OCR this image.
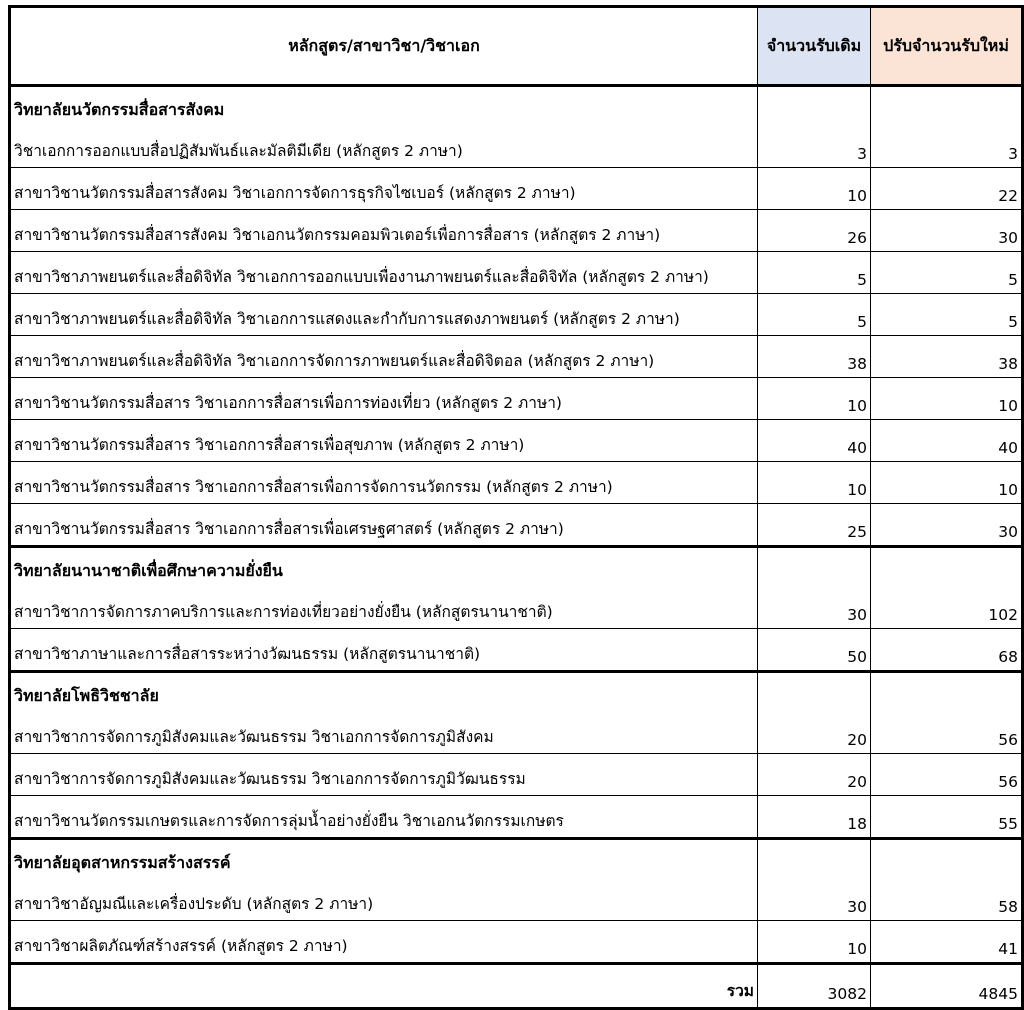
หลักสูตร/สาขาวิชา/วิชาเอก	จำนวนรับเดิม	ปรับจำนวนรับใหม่
วิทยาลัยนวัตกรรมสื่อสารสังคม		
วิชาเอกการออกแบบสื่อปฏิสัมพันธ์และมัลติมีเดีย (หลักสูตร 2 ภาษา)	3	3
สาขาวิชานวัตกรรมสื่อสารสังคม วิชาเอกการจัดการธุรกิจไซเบอร์ (หลักสูตร 2 ภาษา)	10	22
สาขาวิชานวัตกรรมสื่อสารสังคม วิชาเอกนวัตกรรมคอมพิวเตอร์เพื่อการสื่อสาร (หลักสูตร 2 ภาษา)	26	30
สาขาวิชาภาพยนตร์และสื่อดิจิทัล วิชาเอกการออกแบบเพื่องานภาพยนตร์และสื่อดิจิทัล (หลักสูตร 2 ภาษา)	5	5
สาขาวิชาภาพยนตร์และสื่อดิจิทัล วิชาเอกการแสดงและกำกับการแสดงภาพยนตร์ (หลักสูตร 2 ภาษา)	5	5
สาขาวิชาภาพยนตร์และสื่อดิจิทัล วิชาเอกการจัดการภาพยนตร์และสื่อดิจิตอล (หลักสูตร 2 ภาษา)	38	38
สาขาวิชานวัตกรรมสื่อสาร วิชาเอกการสื่อสารเพื่อการท่องเที่ยว (หลักสูตร 2 ภาษา)	10	10
สาขาวิชานวัตกรรมสื่อสาร วิชาเอกการสื่อสารเพื่อสุขภาพ (หลักสูตร 2 ภาษา)	40	40
สาขาวิชานวัตกรรมสื่อสาร วิชาเอกการสื่อสารเพื่อการจัดการนวัตกรรม (หลักสูตร 2 ภาษา)	10	10
สาขาวิชานวัตกรรมสื่อสาร วิชาเอกการสื่อสารเพื่อเศรษฐศาสตร์ (หลักสูตร 2 ภาษา)	25	30
วิทยาลัยนานาชาติเพื่อศึกษาความยั่งยืน		
สาขาวิชาการจัดการภาคบริการและการท่องเที่ยวอย่างยั่งยืน (หลักสูตรนานาชาติ)	30	102
สาขาวิชาภาษาและการสื่อสารระหว่างวัฒนธรรม (หลักสูตรนานาชาติ)	50	68
วิทยาลัยโพธิวิชชาลัย		
สาขาวิชาการจัดการภูมิสังคมและวัฒนธรรม วิชาเอกการจัดการภูมิสังคม	20	56
สาขาวิชาการจัดการภูมิสังคมและวัฒนธรรม วิชาเอกการจัดการภูมิวัฒนธรรม	20	56
สาขาวิชานวัตกรรมเกษตรและการจัดการลุ่มน้ำอย่างยั่งยืน วิชาเอกนวัตกรรมเกษตร	18	55
วิทยาลัยอุตสาหกรรมสร้างสรรค์		
สาขาวิชาอัญมณีและเครื่องประดับ (หลักสูตร 2 ภาษา)	30	58
สาขาวิชาผลิตภัณฑ์สร้างสรรค์ (หลักสูตร 2 ภาษา)	10	41
รวม	3082	4845
